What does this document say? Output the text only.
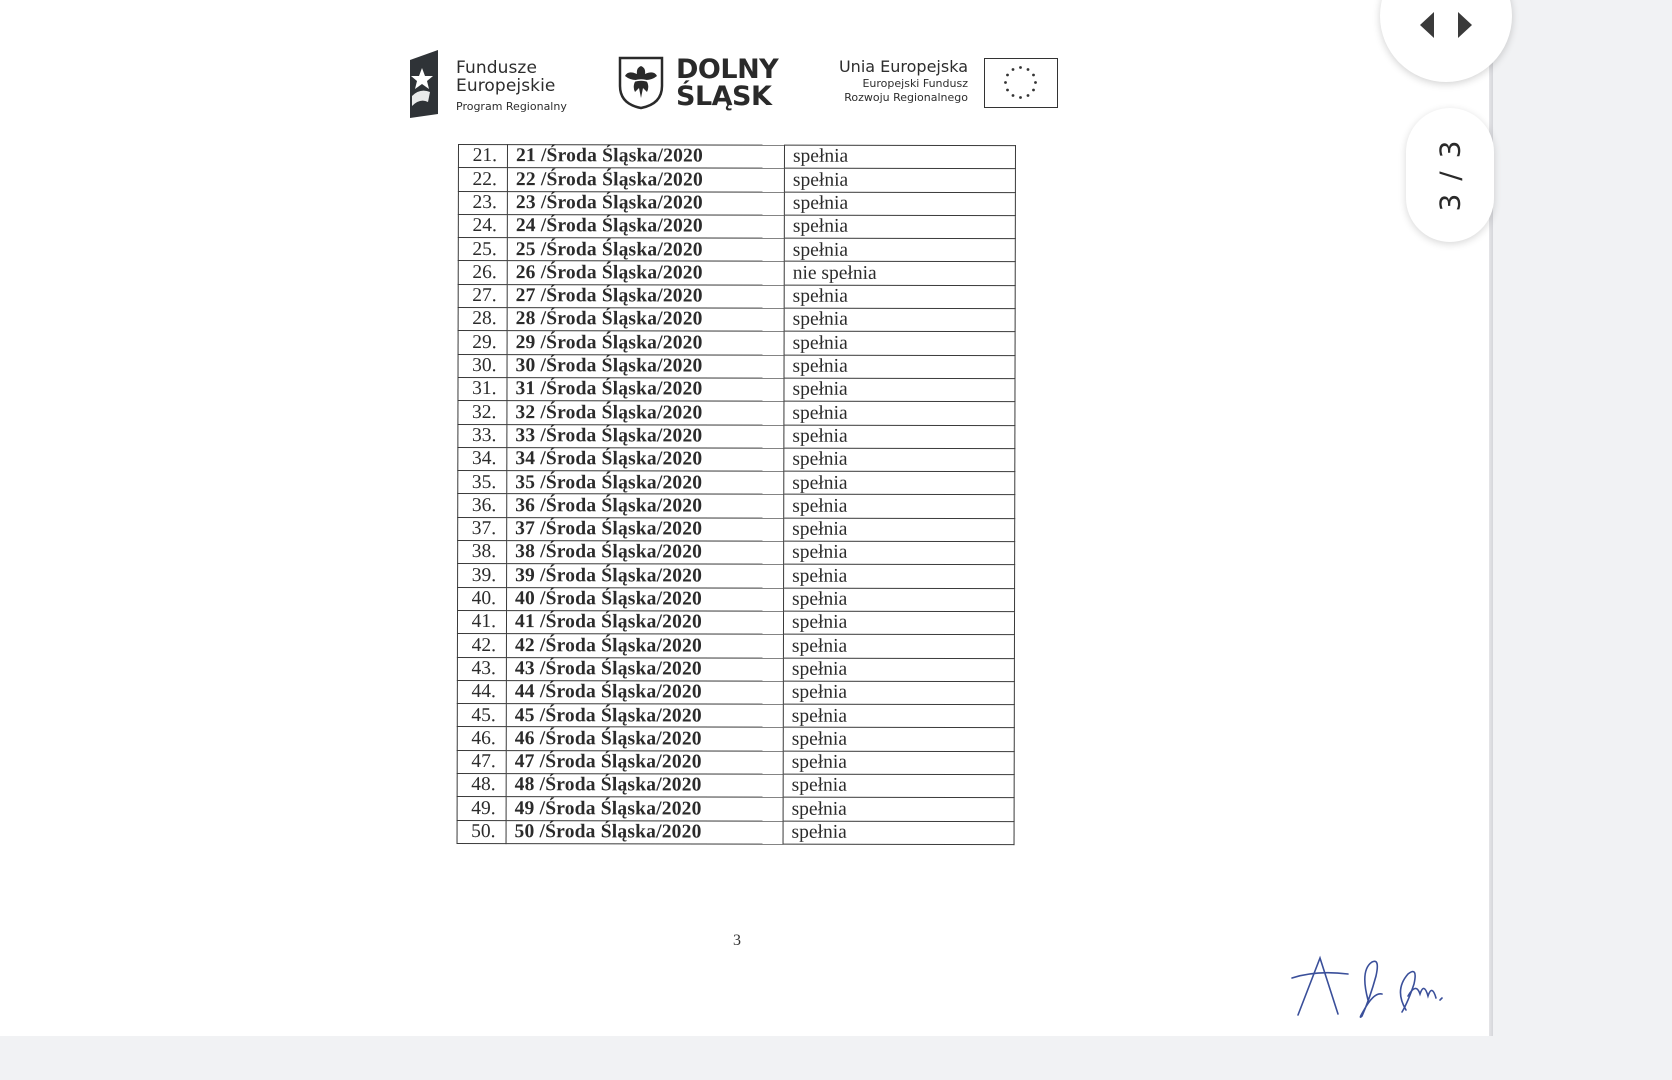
Fundusze
Europejskie
Program Regionalny
DOLNY
ŚLĄSK
Unia Europejska
Europejski Fundusz
Rozwoju Regionalnego
21.	21 /Środa Śląska/2020	spełnia
22.	22 /Środa Śląska/2020	spełnia
23.	23 /Środa Śląska/2020	spełnia
24.	24 /Środa Śląska/2020	spełnia
25.	25 /Środa Śląska/2020	spełnia
26.	26 /Środa Śląska/2020	nie spełnia
27.	27 /Środa Śląska/2020	spełnia
28.	28 /Środa Śląska/2020	spełnia
29.	29 /Środa Śląska/2020	spełnia
30.	30 /Środa Śląska/2020	spełnia
31.	31 /Środa Śląska/2020	spełnia
32.	32 /Środa Śląska/2020	spełnia
33.	33 /Środa Śląska/2020	spełnia
34.	34 /Środa Śląska/2020	spełnia
35.	35 /Środa Śląska/2020	spełnia
36.	36 /Środa Śląska/2020	spełnia
37.	37 /Środa Śląska/2020	spełnia
38.	38 /Środa Śląska/2020	spełnia
39.	39 /Środa Śląska/2020	spełnia
40.	40 /Środa Śląska/2020	spełnia
41.	41 /Środa Śląska/2020	spełnia
42.	42 /Środa Śląska/2020	spełnia
43.	43 /Środa Śląska/2020	spełnia
44.	44 /Środa Śląska/2020	spełnia
45.	45 /Środa Śląska/2020	spełnia
46.	46 /Środa Śląska/2020	spełnia
47.	47 /Środa Śląska/2020	spełnia
48.	48 /Środa Śląska/2020	spełnia
49.	49 /Środa Śląska/2020	spełnia
50.	50 /Środa Śląska/2020	spełnia
3
3 / 3
